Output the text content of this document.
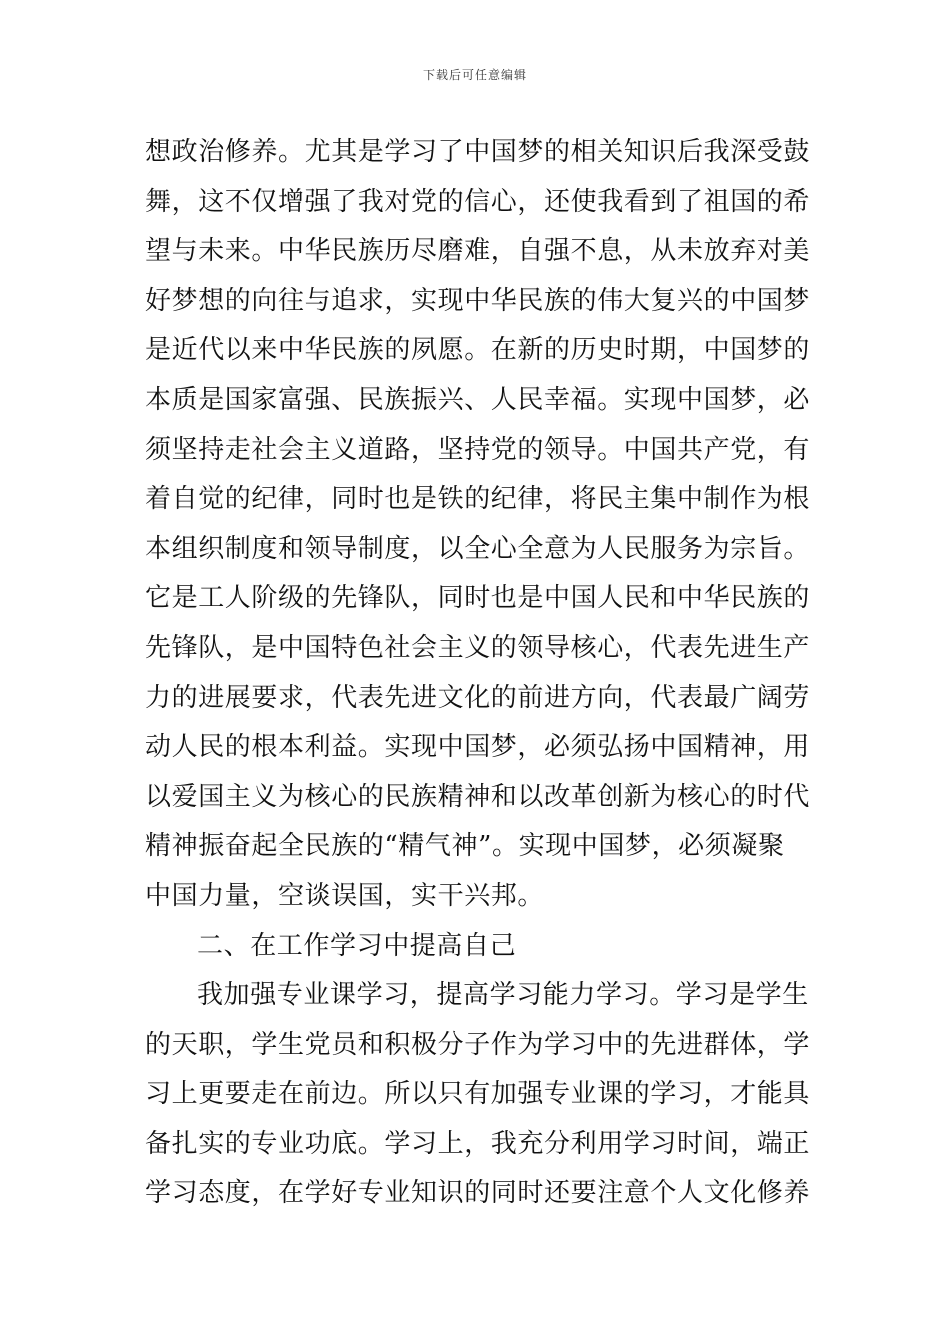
下载后可任意编辑
想政治修养。尤其是学习了中国梦的相关知识后我深受鼓
舞，这不仅增强了我对党的信心，还使我看到了祖国的希
望与未来。中华民族历尽磨难，自强不息，从未放弃对美
好梦想的向往与追求，实现中华民族的伟大复兴的中国梦
是近代以来中华民族的夙愿。在新的历史时期，中国梦的
本质是国家富强、民族振兴、人民幸福。实现中国梦，必
须坚持走社会主义道路，坚持党的领导。中国共产党，有
着自觉的纪律，同时也是铁的纪律，将民主集中制作为根
本组织制度和领导制度，以全心全意为人民服务为宗旨。
它是工人阶级的先锋队，同时也是中国人民和中华民族的
先锋队，是中国特色社会主义的领导核心，代表先进生产
力的进展要求，代表先进文化的前进方向，代表最广阔劳
动人民的根本利益。实现中国梦，必须弘扬中国精神，用
以爱国主义为核心的民族精神和以改革创新为核心的时代
精神振奋起全民族的“精气神”。实现中国梦，必须凝聚
中国力量，空谈误国，实干兴邦。
二、在工作学习中提高自己
我加强专业课学习，提高学习能力学习。学习是学生
的天职，学生党员和积极分子作为学习中的先进群体，学
习上更要走在前边。所以只有加强专业课的学习，才能具
备扎实的专业功底。学习上，我充分利用学习时间，端正
学习态度，在学好专业知识的同时还要注意个人文化修养
